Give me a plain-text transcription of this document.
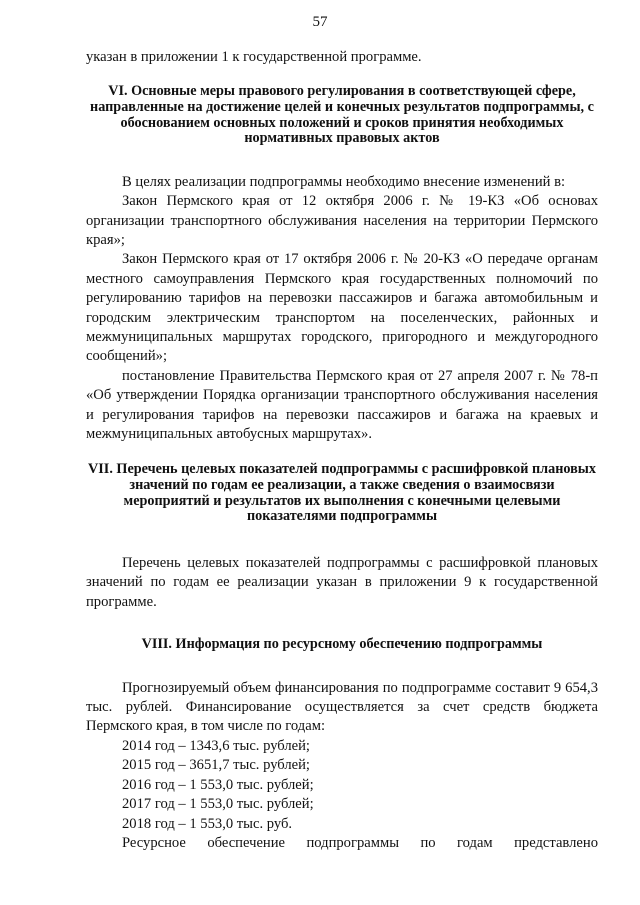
57

указан в приложении 1 к государственной программе.

VI. Основные меры правового регулирования в соответствующей сфере, направленные на достижение целей и конечных результатов подпрограммы, с обоснованием основных положений и сроков принятия необходимых нормативных правовых актов

В целях реализации подпрограммы необходимо внесение изменений в:

Закон Пермского края от 12 октября 2006 г. № 19-КЗ «Об основах организации транспортного обслуживания населения на территории Пермского края»;

Закон Пермского края от 17 октября 2006 г. № 20-КЗ «О передаче органам местного самоуправления Пермского края государственных полномочий по регулированию тарифов на перевозки пассажиров и багажа автомобильным и городским электрическим транспортом на поселенческих, районных и межмуниципальных маршрутах городского, пригородного и междугородного сообщений»;

постановление Правительства Пермского края от 27 апреля 2007 г. № 78-п «Об утверждении Порядка организации транспортного обслуживания населения и регулирования тарифов на перевозки пассажиров и багажа на краевых и межмуниципальных автобусных маршрутах».

VII. Перечень целевых показателей подпрограммы с расшифровкой плановых значений по годам ее реализации, а также сведения о взаимосвязи мероприятий и результатов их выполнения с конечными целевыми показателями подпрограммы

Перечень целевых показателей подпрограммы с расшифровкой плановых значений по годам ее реализации указан в приложении 9 к государственной программе.

VIII. Информация по ресурсному обеспечению подпрограммы

Прогнозируемый объем финансирования по подпрограмме составит 9 654,3 тыс. рублей. Финансирование осуществляется за счет средств бюджета Пермского края, в том числе по годам:

2014 год – 1343,6 тыс. рублей;

2015 год – 3651,7 тыс. рублей;

2016 год – 1 553,0 тыс. рублей;

2017 год – 1 553,0 тыс. рублей;

2018 год – 1 553,0 тыс. руб.

Ресурсное обеспечение подпрограммы по годам представлено
